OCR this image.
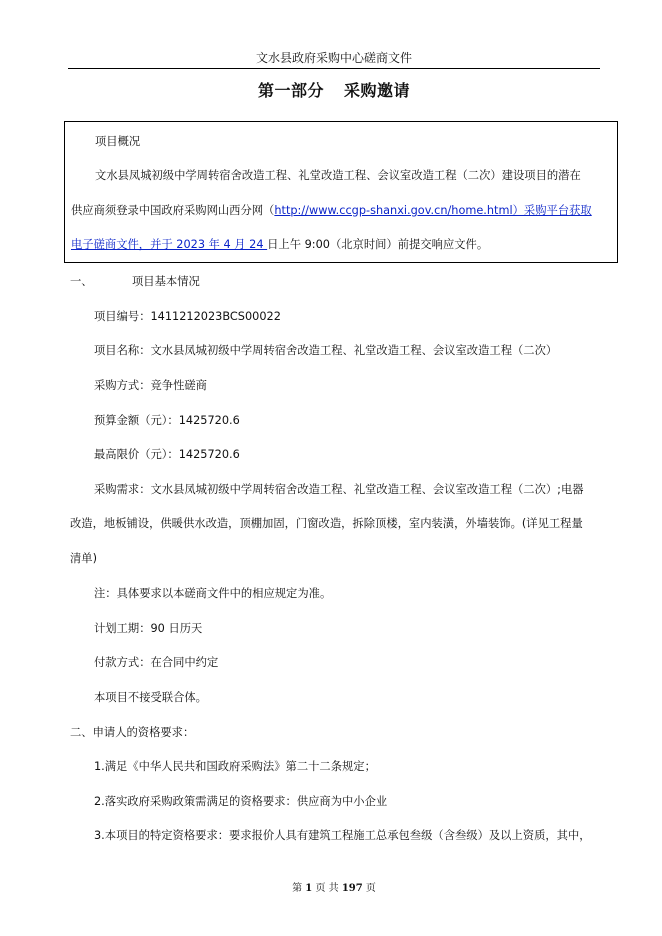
文水县政府采购中心磋商文件
第一部分 采购邀请
项目概况
文水县凤城初级中学周转宿舍改造工程、礼堂改造工程、会议室改造工程（二次）建设项目的潜在
供应商须登录中国政府采购网山西分网（http://www.ccgp-shanxi.gov.cn/home.html）采购平台获取
电子磋商文件，并于 2023 年 4 月 24 日上午 9:00（北京时间）前提交响应文件。
一、	项目基本情况
项目编号：1411212023BCS00022
项目名称：文水县凤城初级中学周转宿舍改造工程、礼堂改造工程、会议室改造工程（二次）
采购方式：竞争性磋商
预算金额（元）：1425720.6
最高限价（元）：1425720.6
采购需求：文水县凤城初级中学周转宿舍改造工程、礼堂改造工程、会议室改造工程（二次）;电器
改造，地板铺设，供暖供水改造，顶棚加固，门窗改造，拆除顶楼，室内装潢，外墙装饰。(详见工程量
清单)
注：具体要求以本磋商文件中的相应规定为准。
计划工期：90 日历天
付款方式：在合同中约定
本项目不接受联合体。
二、申请人的资格要求：
1.满足《中华人民共和国政府采购法》第二十二条规定；
2.落实政府采购政策需满足的资格要求：供应商为中小企业
3.本项目的特定资格要求：要求报价人具有建筑工程施工总承包叁级（含叁级）及以上资质，其中，
第 1 页 共 197 页
